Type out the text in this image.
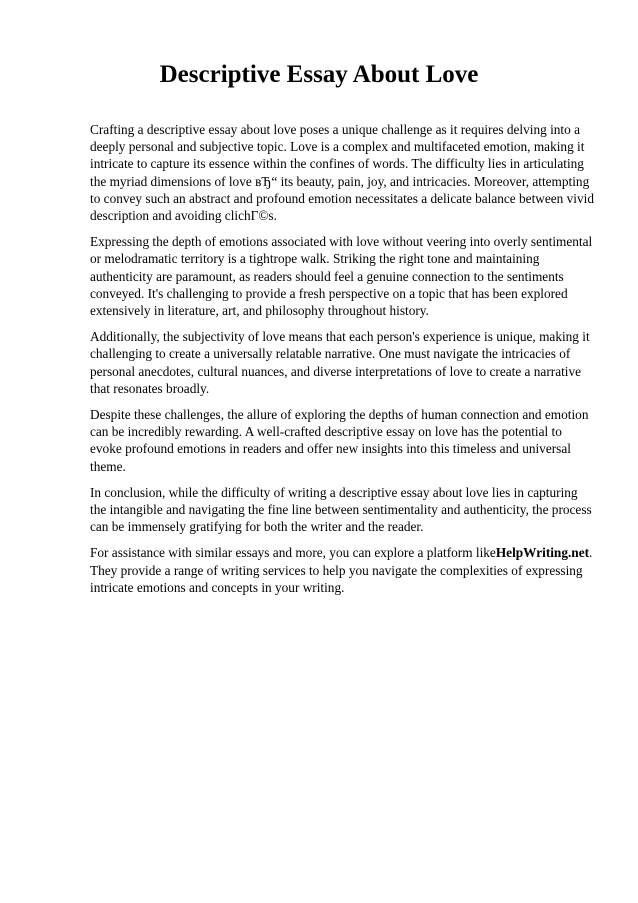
Descriptive Essay About Love

Crafting a descriptive essay about love poses a unique challenge as it requires delving into a deeply personal and subjective topic. Love is a complex and multifaceted emotion, making it intricate to capture its essence within the confines of words. The difficulty lies in articulating the myriad dimensions of love вЂ“ its beauty, pain, joy, and intricacies. Moreover, attempting to convey such an abstract and profound emotion necessitates a delicate balance between vivid description and avoiding clichГ©s.

Expressing the depth of emotions associated with love without veering into overly sentimental or melodramatic territory is a tightrope walk. Striking the right tone and maintaining authenticity are paramount, as readers should feel a genuine connection to the sentiments conveyed. It's challenging to provide a fresh perspective on a topic that has been explored extensively in literature, art, and philosophy throughout history.

Additionally, the subjectivity of love means that each person's experience is unique, making it challenging to create a universally relatable narrative. One must navigate the intricacies of personal anecdotes, cultural nuances, and diverse interpretations of love to create a narrative that resonates broadly.

Despite these challenges, the allure of exploring the depths of human connection and emotion can be incredibly rewarding. A well-crafted descriptive essay on love has the potential to evoke profound emotions in readers and offer new insights into this timeless and universal theme.

In conclusion, while the difficulty of writing a descriptive essay about love lies in capturing the intangible and navigating the fine line between sentimentality and authenticity, the process can be immensely gratifying for both the writer and the reader.

For assistance with similar essays and more, you can explore a platform likeHelpWriting.net. They provide a range of writing services to help you navigate the complexities of expressing intricate emotions and concepts in your writing.
